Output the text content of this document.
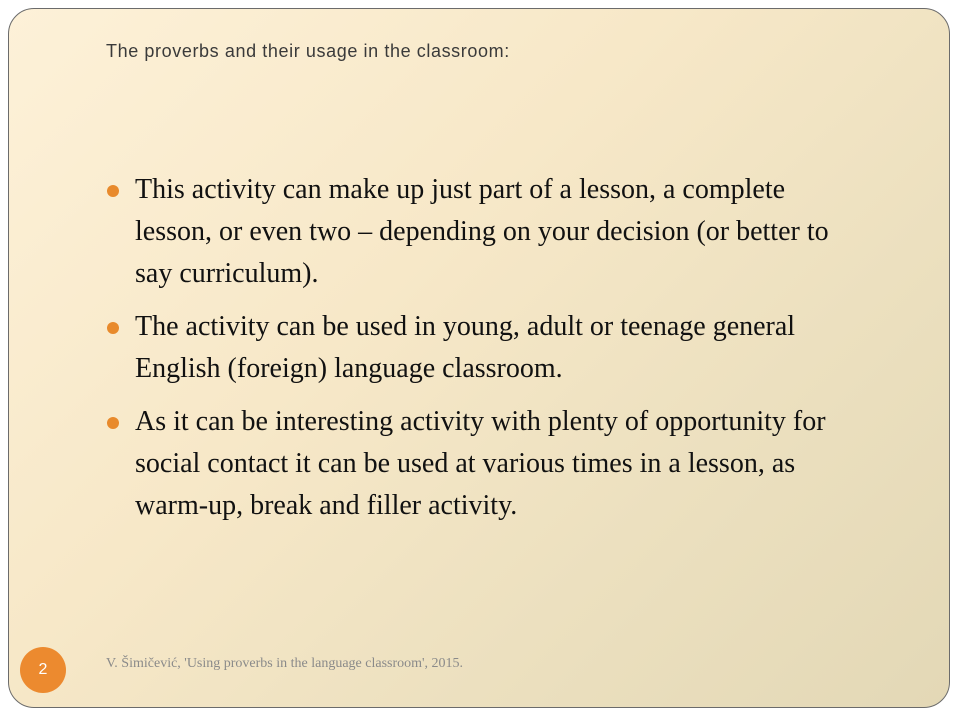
The proverbs and their usage in the classroom:
This activity can make up just part of a lesson, a complete lesson, or even two – depending on your decision (or better to say curriculum).
The activity can be used in young, adult or teenage general English (foreign) language classroom.
As it can be interesting activity with plenty of opportunity for social contact it can be used at various times in a lesson, as warm-up, break and filler activity.
2	V. Šimičević, 'Using proverbs in the language classroom', 2015.
